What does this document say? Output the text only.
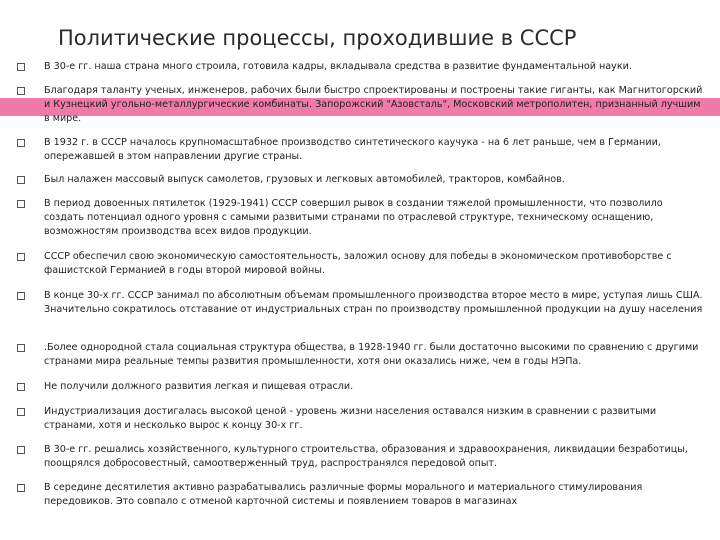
Политические процессы, проходившие в СССР
В 30-е гг. наша страна много строила, готовила кадры, вкладывала средства в развитие фундаментальной науки.
Благодаря таланту ученых, инженеров, рабочих были быстро спроектированы и построены такие гиганты, как Магнитогорский и Кузнецкий угольно-металлургические комбинаты. Запорожский "Азовсталь", Московский метрополитен, признанный лучшим в мире.
В 1932 г. в СССР началось крупномасштабное производство синтетического каучука - на 6 лет раньше, чем в Германии, опережавшей в этом направлении другие страны.
Был налажен массовый выпуск самолетов, грузовых и легковых автомобилей, тракторов, комбайнов.
В период довоенных пятилеток (1929-1941) СССР совершил рывок в создании тяжелой промышленности, что позволило создать потенциал одного уровня с самыми развитыми странами по отраслевой структуре, техническому оснащению, возможностям производства всех видов продукции.
СССР обеспечил свою экономическую самостоятельность, заложил основу для победы в экономическом противоборстве с фашистской Германией в годы второй мировой войны.
В конце 30-х гг. СССР занимал по абсолютным объемам промышленного производства второе место в мире, уступая лишь США. Значительно сократилось отставание от индустриальных стран по производству промышленной продукции на душу населения
.Более однородной стала социальная структура общества, в 1928-1940 гг. были достаточно высокими по сравнению с другими странами мира реальные темпы развития промышленности, хотя они оказались ниже, чем в годы НЭПа.
Не получили должного развития легкая и пищевая отрасли.
Индустриализация достигалась высокой ценой - уровень жизни населения оставался низким в сравнении с развитыми странами, хотя и несколько вырос к концу 30-х гг.
В 30-е гг. решались хозяйственного, культурного строительства, образования и здравоохранения, ликвидации безработицы, поощрялся добросовестный, самоотверженный труд, распространялся передовой опыт.
В середине десятилетия активно разрабатывались различные формы морального и материального стимулирования передовиков. Это совпало с отменой карточной системы и появлением товаров в магазинах
